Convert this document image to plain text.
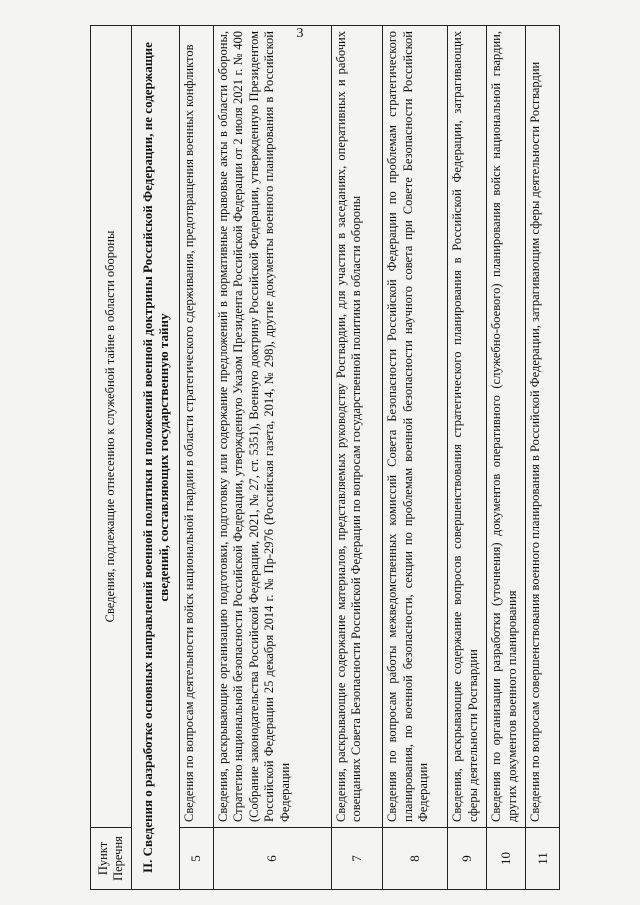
3
Пункт Перечня	Сведения, подлежащие отнесению к служебной тайне в области обороны
II. Сведения о разработке основных направлений военной политики и положений военной доктрины Российской Федерации, не содержащие сведений, составляющих государственную тайну	
5	Сведения по вопросам деятельности войск национальной гвардии в области стратегического сдерживания, предотвращения военных конфликтов
6	Сведения, раскрывающие организацию подготовки, подготовку или содержание предложений в нормативные правовые акты в области обороны, Стратегию национальной безопасности Российской Федерации, утвержденную Указом Президента Российской Федерации от 2 июля 2021 г. № 400 (Собрание законодательства Российской Федерации, 2021, № 27, ст. 5351), Военную доктрину Российской Федерации, утвержденную Президентом Российской Федерации 25 декабря 2014 г. № Пр-2976 (Российская газета, 2014, № 298), другие документы военного планирования в Российской Федерации
7	Сведения, раскрывающие содержание материалов, представляемых руководству Росгвардии, для участия в заседаниях, оперативных и рабочих совещаниях Совета Безопасности Российской Федерации по вопросам государственной политики в области обороны
8	Сведения по вопросам работы межведомственных комиссий Совета Безопасности Российской Федерации по проблемам стратегического планирования, по военной безопасности, секции по проблемам военной безопасности научного совета при Совете Безопасности Российской Федерации
9	Сведения, раскрывающие содержание вопросов совершенствования стратегического планирования в Российской Федерации, затрагивающих сферы деятельности Росгвардии
10	Сведения по организации разработки (уточнения) документов оперативного (служебно-боевого) планирования войск национальной гвардии, других документов военного планирования
11	Сведения по вопросам совершенствования военного планирования в Российской Федерации, затрагивающим сферы деятельности Росгвардии
